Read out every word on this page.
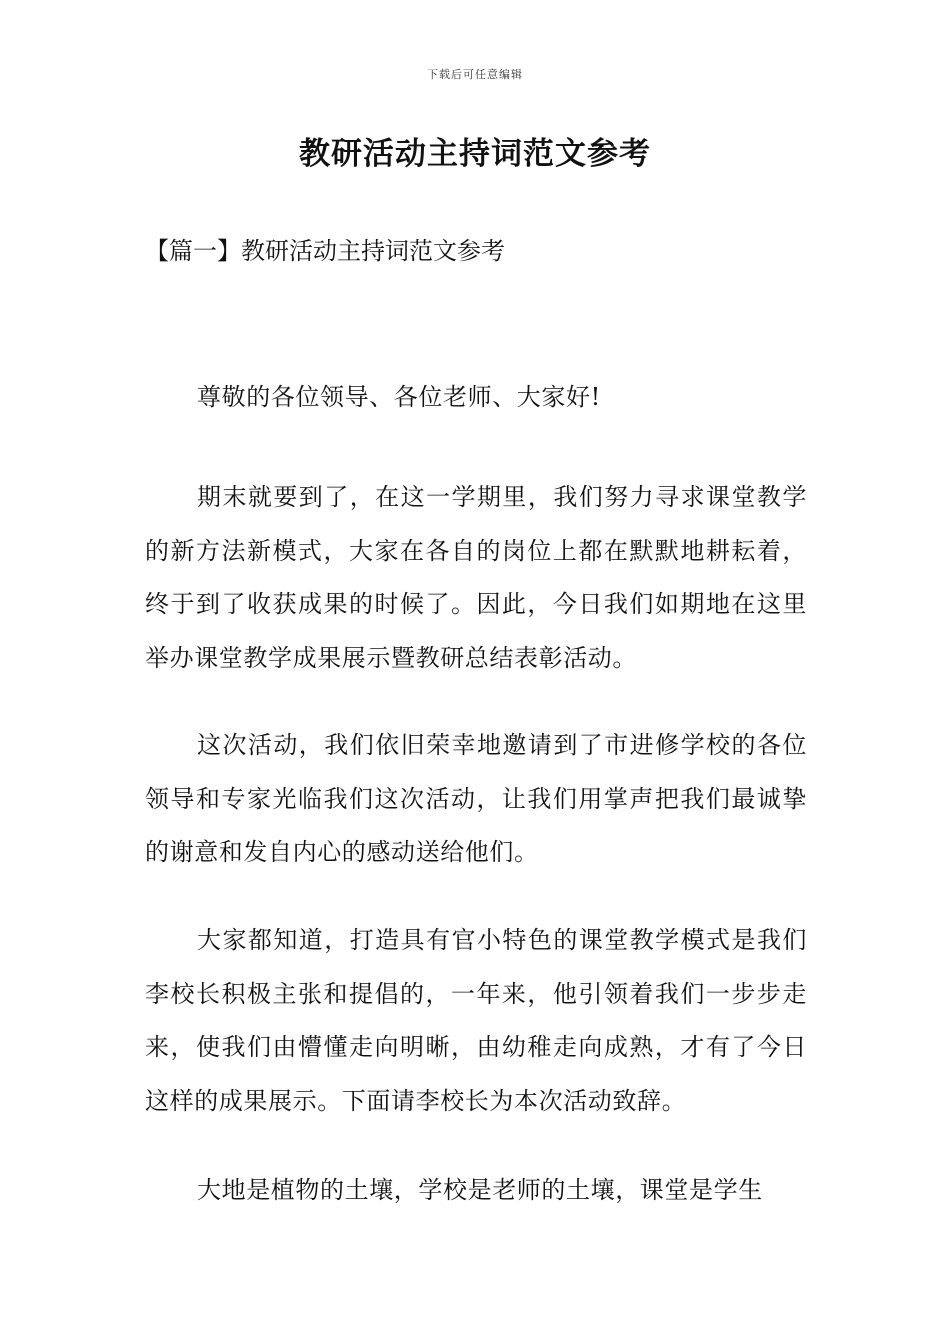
下载后可任意编辑
教研活动主持词范文参考
【篇一】教研活动主持词范文参考

尊敬的各位领导、各位老师、大家好!

期末就要到了，在这一学期里，我们努力寻求课堂教学的新方法新模式，大家在各自的岗位上都在默默地耕耘着，终于到了收获成果的时候了。因此，今日我们如期地在这里举办课堂教学成果展示暨教研总结表彰活动。

这次活动，我们依旧荣幸地邀请到了市进修学校的各位领导和专家光临我们这次活动，让我们用掌声把我们最诚挚的谢意和发自内心的感动送给他们。

大家都知道，打造具有官小特色的课堂教学模式是我们李校长积极主张和提倡的，一年来，他引领着我们一步步走来，使我们由懵懂走向明晰，由幼稚走向成熟，才有了今日这样的成果展示。下面请李校长为本次活动致辞。

大地是植物的土壤，学校是老师的土壤，课堂是学生
